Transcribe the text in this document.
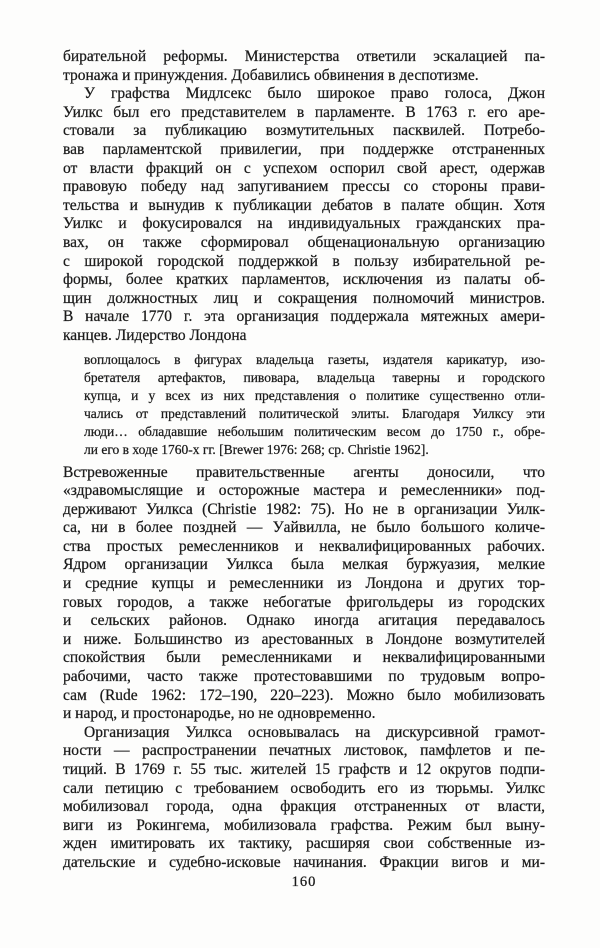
бирательной реформы. Министерства ответили эскалацией па-
тронажа и принуждения. Добавились обвинения в деспотизме.
У графства Мидлсекс было широкое право голоса, Джон
Уилкс был его представителем в парламенте. В 1763 г. его аре-
стовали за публикацию возмутительных пасквилей. Потребо-
вав парламентской привилегии, при поддержке отстраненных
от власти фракций он с успехом оспорил свой арест, одержав
правовую победу над запугиванием прессы со стороны прави-
тельства и вынудив к публикации дебатов в палате общин. Хотя
Уилкс и фокусировался на индивидуальных гражданских пра-
вах, он также сформировал общенациональную организацию
с широкой городской поддержкой в пользу избирательной ре-
формы, более кратких парламентов, исключения из палаты об-
щин должностных лиц и сокращения полномочий министров.
В начале 1770 г. эта организация поддержала мятежных амери-
канцев. Лидерство Лондона
воплощалось в фигурах владельца газеты, издателя карикатур, изо-
бретателя артефактов, пивовара, владельца таверны и городского
купца, и у всех из них представления о политике существенно отли-
чались от представлений политической элиты. Благодаря Уилксу эти
люди… обладавшие небольшим политическим весом до 1750 г., обре-
ли его в ходе 1760-х гг. [Brewer 1976: 268; ср. Christie 1962].
Встревоженные правительственные агенты доносили, что
«здравомыслящие и осторожные мастера и ремесленники» под-
держивают Уилкса (Christie 1982: 75). Но не в организации Уилк-
са, ни в более поздней — Уайвилла, не было большого количе-
ства простых ремесленников и неквалифицированных рабочих.
Ядром организации Уилкса была мелкая буржуазия, мелкие
и средние купцы и ремесленники из Лондона и других тор-
говых городов, а также небогатые фригольдеры из городских
и сельских районов. Однако иногда агитация передавалось
и ниже. Большинство из арестованных в Лондоне возмутителей
спокойствия были ремесленниками и неквалифицированными
рабочими, часто также протестовавшими по трудовым вопро-
сам (Rude 1962: 172–190, 220–223). Можно было мобилизовать
и народ, и простонародье, но не одновременно.
Организация Уилкса основывалась на дискурсивной грамот-
ности — распространении печатных листовок, памфлетов и пе-
тиций. В 1769 г. 55 тыс. жителей 15 графств и 12 округов подпи-
сали петицию с требованием освободить его из тюрьмы. Уилкс
мобилизовал города, одна фракция отстраненных от власти,
виги из Рокингема, мобилизовала графства. Режим был выну-
жден имитировать их тактику, расширяя свои собственные из-
дательские и судебно-исковые начинания. Фракции вигов и ми-
160
